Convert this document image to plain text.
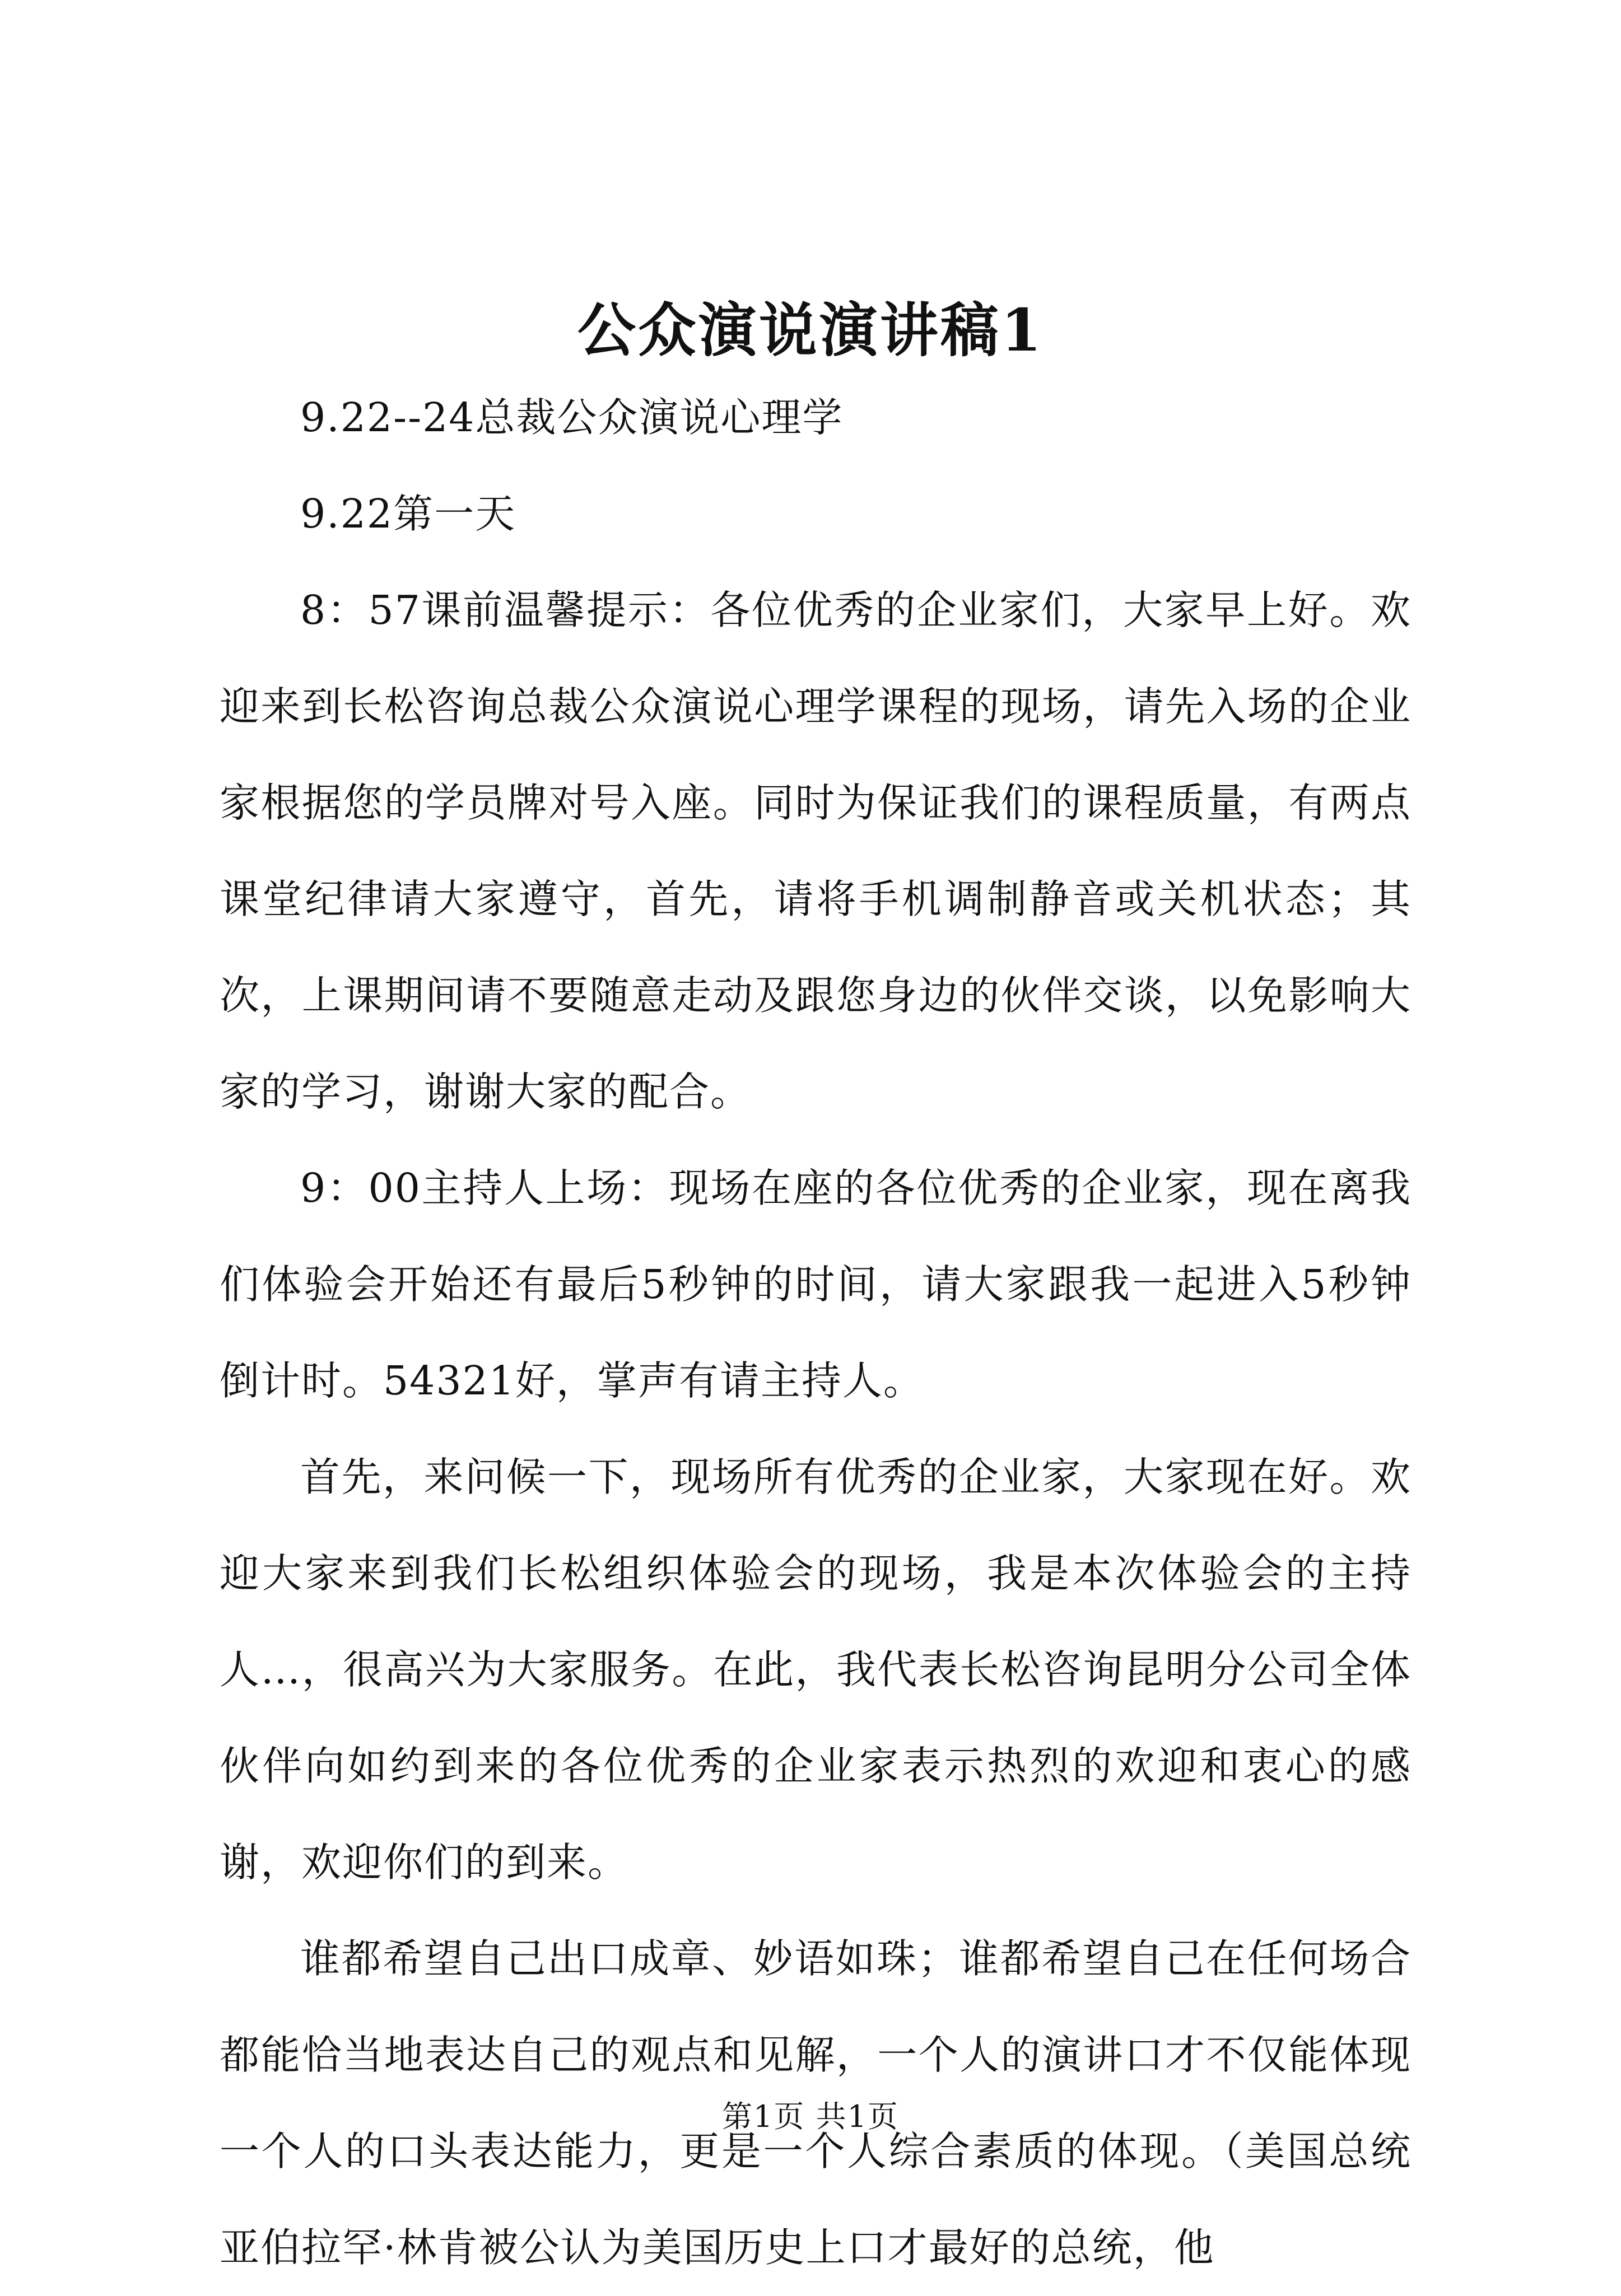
公众演说演讲稿1

9.22--24总裁公众演说心理学

9.22第一天

8：57课前温馨提示：各位优秀的企业家们，大家早上好。欢迎来到长松咨询总裁公众演说心理学课程的现场，请先入场的企业家根据您的学员牌对号入座。同时为保证我们的课程质量，有两点课堂纪律请大家遵守，首先，请将手机调制静音或关机状态；其次，上课期间请不要随意走动及跟您身边的伙伴交谈，以免影响大家的学习，谢谢大家的配合。

9：00主持人上场：现场在座的各位优秀的企业家，现在离我们体验会开始还有最后5秒钟的时间，请大家跟我一起进入5秒钟倒计时。54321好，掌声有请主持人。

首先，来问候一下，现场所有优秀的企业家，大家现在好。欢迎大家来到我们长松组织体验会的现场，我是本次体验会的主持人…，很高兴为大家服务。在此，我代表长松咨询昆明分公司全体伙伴向如约到来的各位优秀的企业家表示热烈的欢迎和衷心的感谢，欢迎你们的到来。

谁都希望自己出口成章、妙语如珠；谁都希望自己在任何场合都能恰当地表达自己的观点和见解，一个人的演讲口才不仅能体现一个人的口头表达能力，更是一个人综合素质的体现。（美国总统亚伯拉罕·林肯被公认为美国历史上口才最好的总统，他

第1页 共1页
